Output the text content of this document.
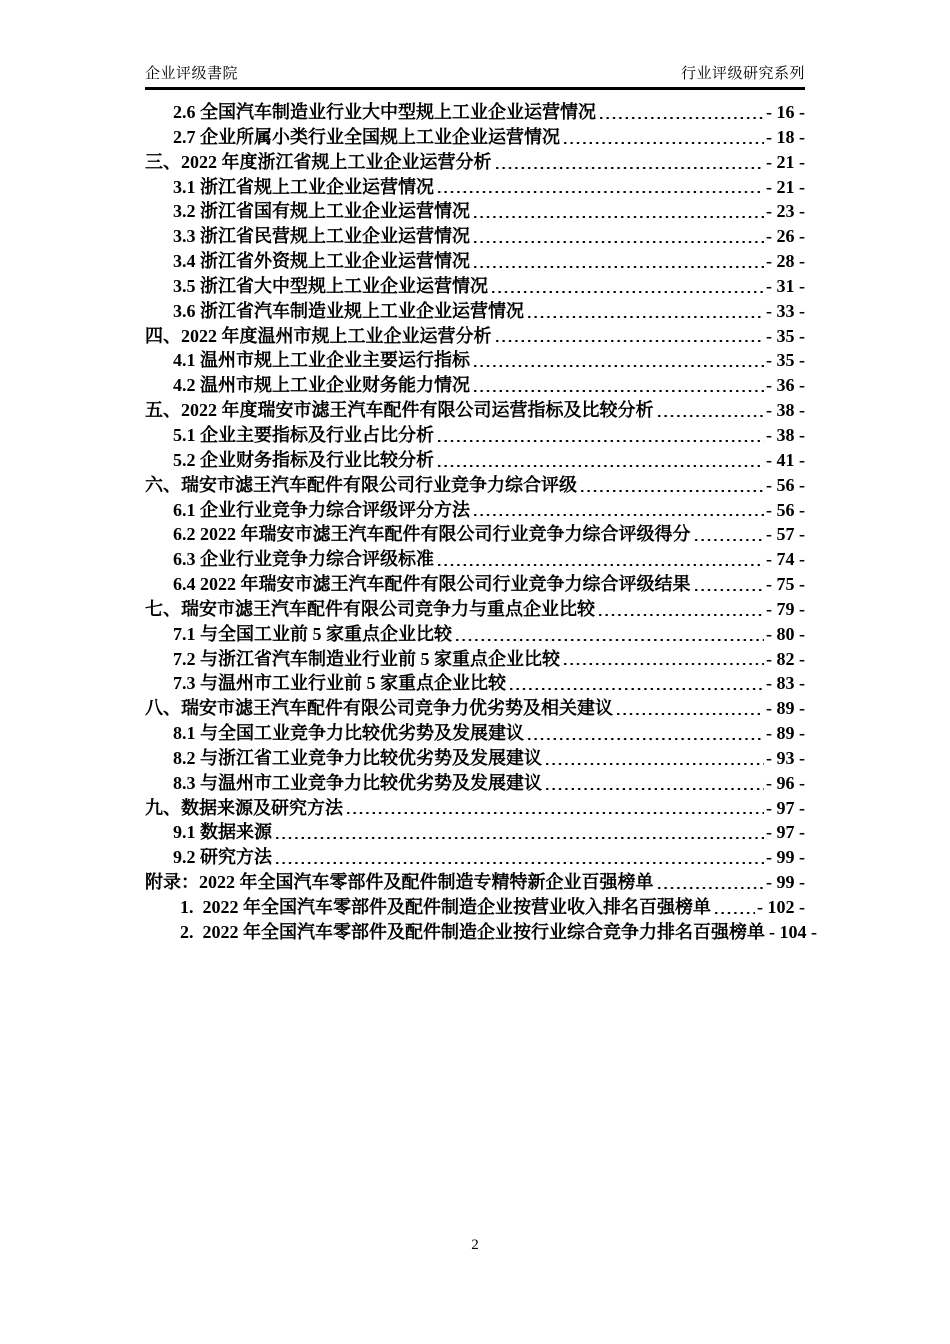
企业评级書院	行业评级研究系列
2.6 全国汽车制造业行业大中型规上工业企业运营情况	- 16 -
2.7 企业所属小类行业全国规上工业企业运营情况	- 18 -
三、2022 年度浙江省规上工业企业运营分析	- 21 -
3.1 浙江省规上工业企业运营情况	- 21 -
3.2 浙江省国有规上工业企业运营情况	- 23 -
3.3 浙江省民营规上工业企业运营情况	- 26 -
3.4 浙江省外资规上工业企业运营情况	- 28 -
3.5 浙江省大中型规上工业企业运营情况	- 31 -
3.6 浙江省汽车制造业规上工业企业运营情况	- 33 -
四、2022 年度温州市规上工业企业运营分析	- 35 -
4.1 温州市规上工业企业主要运行指标	- 35 -
4.2 温州市规上工业企业财务能力情况	- 36 -
五、2022 年度瑞安市滤王汽车配件有限公司运营指标及比较分析	- 38 -
5.1 企业主要指标及行业占比分析	- 38 -
5.2 企业财务指标及行业比较分析	- 41 -
六、瑞安市滤王汽车配件有限公司行业竞争力综合评级	- 56 -
6.1 企业行业竞争力综合评级评分方法	- 56 -
6.2 2022 年瑞安市滤王汽车配件有限公司行业竞争力综合评级得分	- 57 -
6.3 企业行业竞争力综合评级标准	- 74 -
6.4 2022 年瑞安市滤王汽车配件有限公司行业竞争力综合评级结果	- 75 -
七、瑞安市滤王汽车配件有限公司竞争力与重点企业比较	- 79 -
7.1 与全国工业前 5 家重点企业比较	- 80 -
7.2 与浙江省汽车制造业行业前 5 家重点企业比较	- 82 -
7.3 与温州市工业行业前 5 家重点企业比较	- 83 -
八、瑞安市滤王汽车配件有限公司竞争力优劣势及相关建议	- 89 -
8.1 与全国工业竞争力比较优劣势及发展建议	- 89 -
8.2 与浙江省工业竞争力比较优劣势及发展建议	- 93 -
8.3 与温州市工业竞争力比较优劣势及发展建议	- 96 -
九、数据来源及研究方法	- 97 -
9.1 数据来源	- 97 -
9.2 研究方法	- 99 -
附录：2022 年全国汽车零部件及配件制造专精特新企业百强榜单	- 99 -
1.  2022 年全国汽车零部件及配件制造企业按营业收入排名百强榜单	- 102 -
2.  2022 年全国汽车零部件及配件制造企业按行业综合竞争力排名百强榜单 - 104 -
2
